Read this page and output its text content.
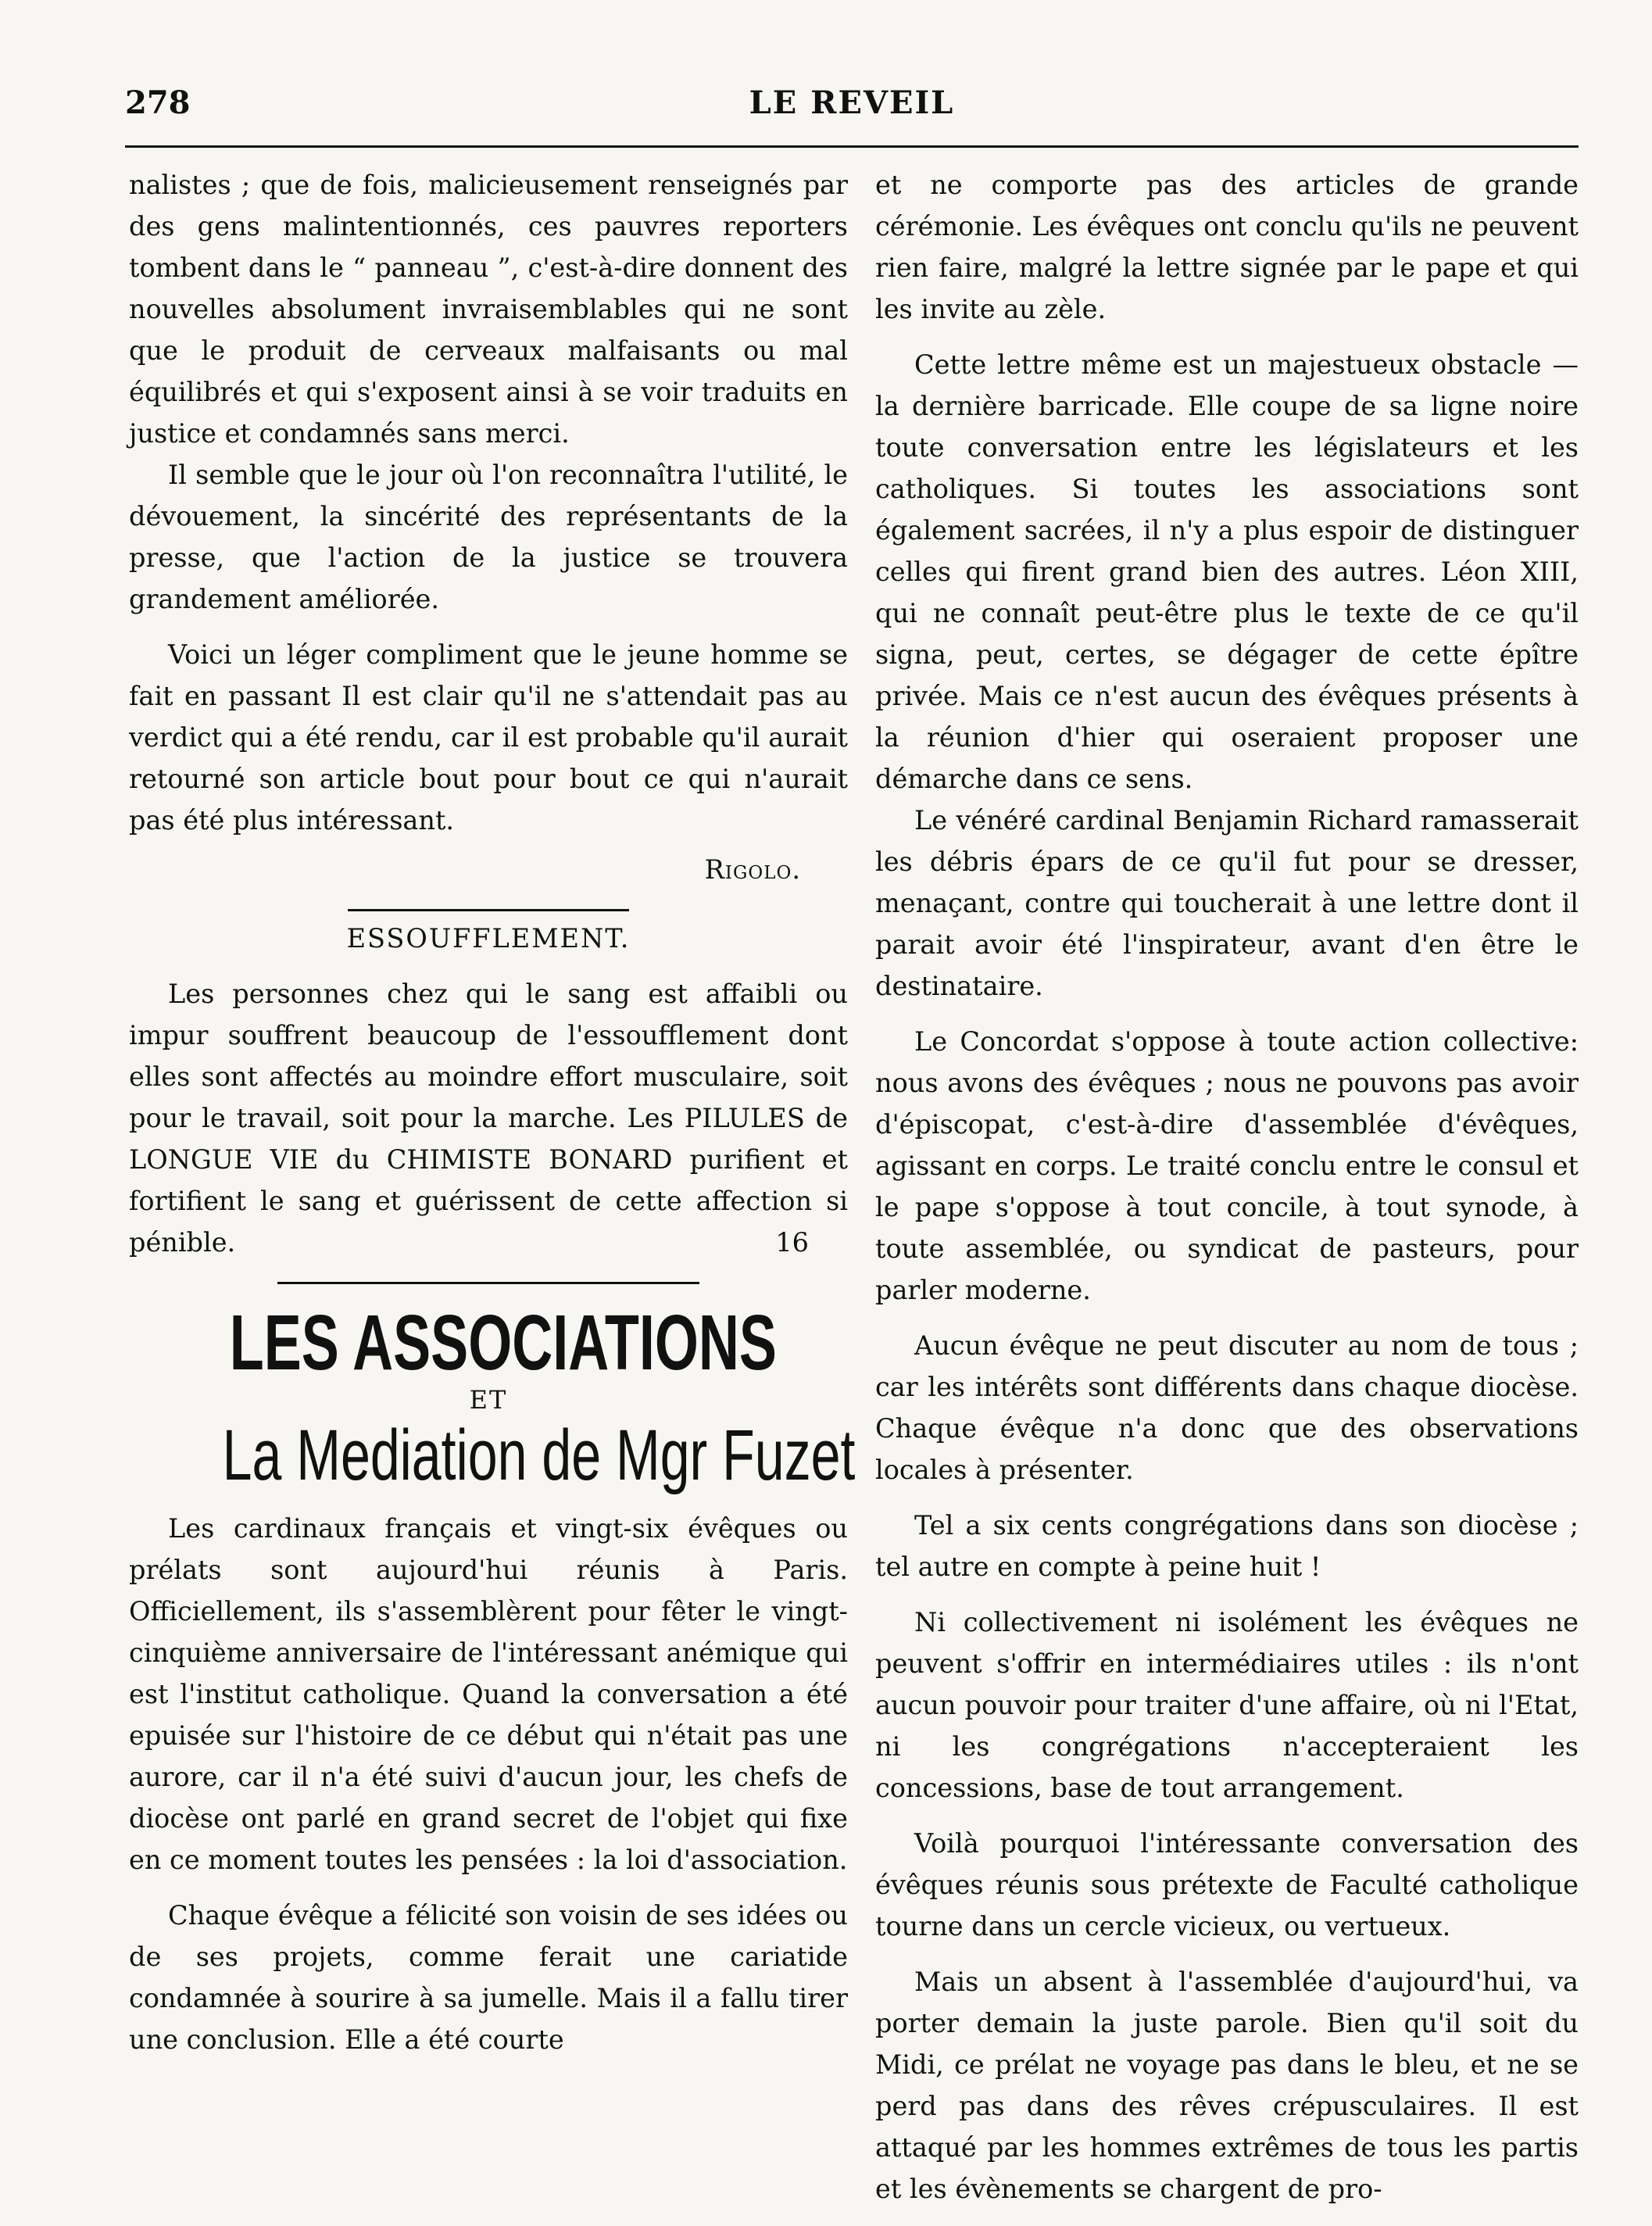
278	LE REVEIL

nalistes ; que de fois, malicieusement renseignés par des gens malintentionnés, ces pauvres reporters tombent dans le “ panneau ”, c'est-à-dire donnent des nouvelles absolument invraisemblables qui ne sont que le produit de cerveaux malfaisants ou mal équilibrés et qui s'exposent ainsi à se voir traduits en justice et condamnés sans merci.

Il semble que le jour où l'on reconnaîtra l'utilité, le dévouement, la sincérité des représentants de la presse, que l'action de la justice se trouvera grandement améliorée.

Voici un léger compliment que le jeune homme se fait en passant Il est clair qu'il ne s'attendait pas au verdict qui a été rendu, car il est probable qu'il aurait retourné son article bout pour bout ce qui n'aurait pas été plus intéressant.

Rigolo.
ESSOUFFLEMENT.

Les personnes chez qui le sang est affaibli ou impur souffrent beaucoup de l'essoufflement dont elles sont affectés au moindre effort musculaire, soit pour le travail, soit pour la marche. Les PILULES de LONGUE VIE du CHIMISTE BONARD purifient et fortifient le sang et guérissent de cette affection si pénible.	16

LES ASSOCIATIONS
ET
La Mediation de Mgr Fuzet

Les cardinaux français et vingt-six évêques ou prélats sont aujourd'hui réunis à Paris. Officiellement, ils s'assemblèrent pour fêter le vingt-cinquième anniversaire de l'intéressant anémique qui est l'institut catholique. Quand la conversation a été epuisée sur l'histoire de ce début qui n'était pas une aurore, car il n'a été suivi d'aucun jour, les chefs de diocèse ont parlé en grand secret de l'objet qui fixe en ce moment toutes les pensées : la loi d'association.

Chaque évêque a félicité son voisin de ses idées ou de ses projets, comme ferait une cariatide condamnée à sourire à sa jumelle. Mais il a fallu tirer une conclusion. Elle a été courte

et ne comporte pas des articles de grande cérémonie. Les évêques ont conclu qu'ils ne peuvent rien faire, malgré la lettre signée par le pape et qui les invite au zèle.

Cette lettre même est un majestueux obstacle — la dernière barricade. Elle coupe de sa ligne noire toute conversation entre les législateurs et les catholiques. Si toutes les associations sont également sacrées, il n'y a plus espoir de distinguer celles qui firent grand bien des autres. Léon XIII, qui ne connaît peut-être plus le texte de ce qu'il signa, peut, certes, se dégager de cette épître privée. Mais ce n'est aucun des évêques présents à la réunion d'hier qui oseraient proposer une démarche dans ce sens.

Le vénéré cardinal Benjamin Richard ramasserait les débris épars de ce qu'il fut pour se dresser, menaçant, contre qui toucherait à une lettre dont il parait avoir été l'inspirateur, avant d'en être le destinataire.

Le Concordat s'oppose à toute action collective: nous avons des évêques ; nous ne pouvons pas avoir d'épiscopat, c'est-à-dire d'assemblée d'évêques, agissant en corps. Le traité conclu entre le consul et le pape s'oppose à tout concile, à tout synode, à toute assemblée, ou syndicat de pasteurs, pour parler moderne.

Aucun évêque ne peut discuter au nom de tous ; car les intérêts sont différents dans chaque diocèse. Chaque évêque n'a donc que des observations locales à présenter.

Tel a six cents congrégations dans son diocèse ; tel autre en compte à peine huit !

Ni collectivement ni isolément les évêques ne peuvent s'offrir en intermédiaires utiles : ils n'ont aucun pouvoir pour traiter d'une affaire, où ni l'Etat, ni les congrégations n'accepteraient les concessions, base de tout arrangement.

Voilà pourquoi l'intéressante conversation des évêques réunis sous prétexte de Faculté catholique tourne dans un cercle vicieux, ou vertueux.

Mais un absent à l'assemblée d'aujourd'hui, va porter demain la juste parole. Bien qu'il soit du Midi, ce prélat ne voyage pas dans le bleu, et ne se perd pas dans des rêves crépusculaires. Il est attaqué par les hommes extrêmes de tous les partis et les évènements se chargent de pro-
